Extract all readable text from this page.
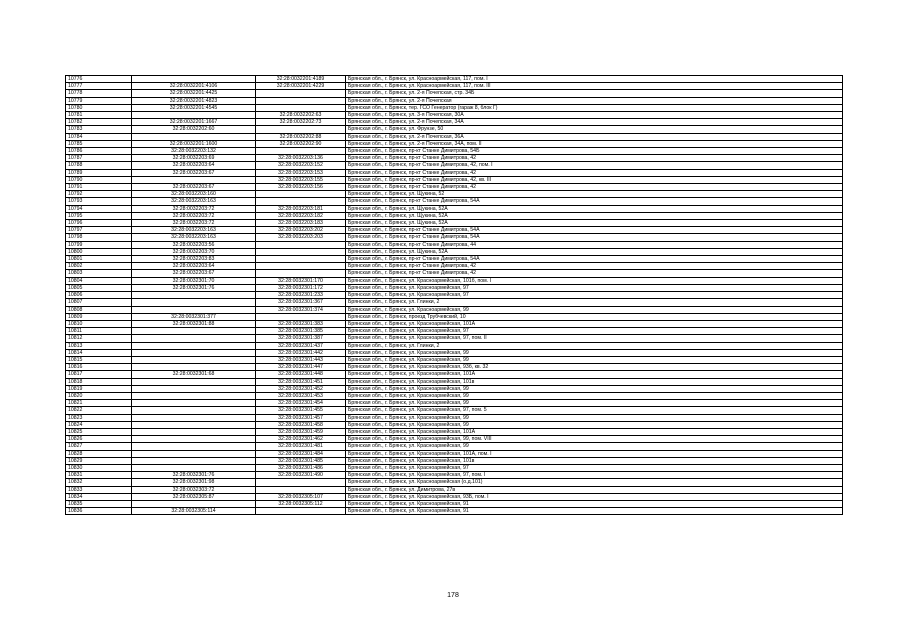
10776		32:28:0032201:4189	Брянская обл., г. Брянск, ул. Красноармейская, 117, пом. I
10777	32:28:0032201:4106	32:28:0032201:4229	Брянская обл., г. Брянск, ул. Красноармейская, 117, пом. III
10778	32:28:0032201:4425		Брянская обл., г. Брянск, ул. 2-я Почепская, стр. 34Б
10779	32:28:0032201:4823		Брянская обл., г. Брянск, ул. 2-я Почепская
10780	32:28:0032201:4545		Брянская обл., г. Брянск, тер. ГСО Генератор (гараж 8, блок Г)
10781		32:28:0032202:63	Брянская обл., г. Брянск, ул. 3-я Почепская, 30А
10782	32:28:0032201:1667	32:28:0032202:73	Брянская обл., г. Брянск, ул. 2-я Почепская, 34А
10783	32:28:0032202:60		Брянская обл., г. Брянск, ул. Фрунзе, 50
10784		32:28:0032202:88	Брянская обл., г. Брянск, ул. 2-я Почепская, 36А
10785	32:28:0032201:1600	32:28:0032202:90	Брянская обл., г. Брянск, ул. 2-я Почепская, 34А, пом. II
10786	32:28:0032203:132		Брянская обл., г. Брянск, пр-кт Станке Димитрова, 54Б
10787	32:28:0032203:69	32:28:0032203:136	Брянская обл., г. Брянск, пр-кт Станке Димитрова, 42
10788	32:28:0032203:64	32:28:0032203:152	Брянская обл., г. Брянск, пр-кт Станке Димитрова, 42, пом. I
10789	32:28:0032203:67	32:28:0032203:153	Брянская обл., г. Брянск, пр-кт Станке Димитрова, 42
10790		32:28:0032203:155	Брянская обл., г. Брянск, пр-кт Станке Димитрова, 42, кв. III
10791	32:28:0032203:67	32:28:0032203:156	Брянская обл., г. Брянск, пр-кт Станке Димитрова, 42
10792	32:28:0032203:160		Брянская обл., г. Брянск, ул. Щукина, 52
10793	32:28:0032203:163		Брянская обл., г. Брянск, пр-кт Станке Димитрова, 54А
10794	32:28:0032203:72	32:28:0032203:181	Брянская обл., г. Брянск, ул. Щукина, 52А
10795	32:28:0032203:72	32:28:0032203:182	Брянская обл., г. Брянск, ул. Щукина, 52А
10796	32:28:0032203:72	32:28:0032203:183	Брянская обл., г. Брянск, ул. Щукина, 52А
10797	32:28:0032203:163	32:28:0032203:202	Брянская обл., г. Брянск, пр-кт Станке Димитрова, 54А
10798	32:28:0032203:163	32:28:0032203:203	Брянская обл., г. Брянск, пр-кт Станке Димитрова, 54А
10799	32:28:0032203:56		Брянская обл., г. Брянск, пр-кт Станке Димитрова, 44
10800	32:28:0032203:70		Брянская обл., г. Брянск, ул. Щукина, 52А
10801	32:28:0032203:83		Брянская обл., г. Брянск, пр-кт Станке Димитрова, 54А
10802	32:28:0032203:64		Брянская обл., г. Брянск, пр-кт Станке Димитрова, 42
10803	32:28:0032203:67		Брянская обл., г. Брянск, пр-кт Станке Димитрова, 42
10804	32:28:0032301:70	32:28:0032301:170	Брянская обл., г. Брянск, ул. Красноармейская, 101б, пом. I
10805	32:28:0032301:76	32:28:0032301:172	Брянская обл., г. Брянск, ул. Красноармейская, 97
10806		32:28:0032301:233	Брянская обл., г. Брянск, ул. Красноармейская, 97
10807		32:28:0032301:367	Брянская обл., г. Брянск, ул. Глинки, 2
10808		32:28:0032301:374	Брянская обл., г. Брянск, ул. Красноармейская, 99
10809	32:28:0032301:377		Брянская обл., г. Брянск, проезд Трубчевский, 10
10810	32:28:0032301:88	32:28:0032301:383	Брянская обл., г. Брянск, ул. Красноармейская, 101А
10811		32:28:0032301:385	Брянская обл., г. Брянск, ул. Красноармейская, 97
10812		32:28:0032301:387	Брянская обл., г. Брянск, ул. Красноармейская, 97, пом. II
10813		32:28:0032301:437	Брянская обл., г. Брянск, ул. Глинки, 2
10814		32:28:0032301:442	Брянская обл., г. Брянск, ул. Красноармейская, 99
10815		32:28:0032301:443	Брянская обл., г. Брянск, ул. Красноармейская, 99
10816		32:28:0032301:447	Брянская обл., г. Брянск, ул. Красноармейская, 93б, кв. 32
10817	32:28:0032301:68	32:28:0032301:448	Брянская обл., г. Брянск, ул. Красноармейская, 101А
10818		32:28:0032301:451	Брянская обл., г. Брянск, ул. Красноармейская, 101в
10819		32:28:0032301:452	Брянская обл., г. Брянск, ул. Красноармейская, 99
10820		32:28:0032301:453	Брянская обл., г. Брянск, ул. Красноармейская, 99
10821		32:28:0032301:454	Брянская обл., г. Брянск, ул. Красноармейская, 99
10822		32:28:0032301:455	Брянская обл., г. Брянск, ул. Красноармейская, 97, пом. 5
10823		32:28:0032301:457	Брянская обл., г. Брянск, ул. Красноармейская, 99
10824		32:28:0032301:458	Брянская обл., г. Брянск, ул. Красноармейская, 99
10825		32:28:0032301:459	Брянская обл., г. Брянск, ул. Красноармейская, 101А
10826		32:28:0032301:462	Брянская обл., г. Брянск, ул. Красноармейская, 99, пом. VIII
10827		32:28:0032301:481	Брянская обл., г. Брянск, ул. Красноармейская, 99
10828		32:28:0032301:484	Брянская обл., г. Брянск, ул. Красноармейская, 101А, пом. I
10829		32:28:0032301:485	Брянская обл., г. Брянск, ул. Красноармейская, 101в
10830		32:28:0032301:486	Брянская обл., г. Брянск, ул. Красноармейская, 97
10831	32:28:0032301:76	32:28:0032301:490	Брянская обл., г. Брянск, ул. Красноармейская, 97, пом. I
10832	32:28:0032301:98		Брянская обл., г. Брянск, ул. Красноармейская (о.д.101)
10833	32:28:0032303:72		Брянская обл., г. Брянск, ул. Димитрова, 27в
10834	32:28:0032305:87	32:28:0032305:107	Брянская обл., г. Брянск, ул. Красноармейская, 93Б, пом. I
10835		32:28:0032305:112	Брянская обл., г. Брянск, ул. Красноармейская, 91
10836	32:28:0032305:114		Брянская обл., г. Брянск, ул. Красноармейская, 91
178
